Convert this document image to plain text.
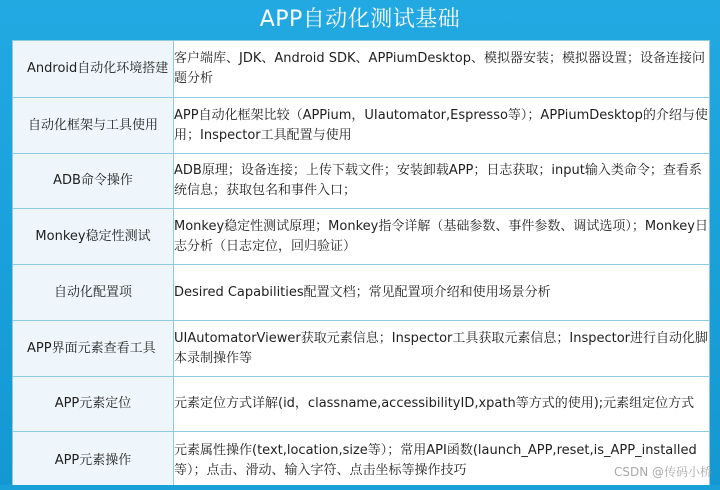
APP自动化测试基础
Android自动化环境搭建	客户端库、JDK、Android SDK、APPiumDesktop、模拟器安装；模拟器设置；设备连接问题分析
自动化框架与工具使用	APP自动化框架比较（APPium，UIautomator,Espresso等）；APPiumDesktop的介绍与使用；Inspector工具配置与使用
ADB命令操作	ADB原理；设备连接；上传下载文件；安装卸载APP；日志获取；input输入类命令；查看系统信息；获取包名和事件入口；
Monkey稳定性测试	Monkey稳定性测试原理；Monkey指令详解（基础参数、事件参数、调试选项）；Monkey日志分析（日志定位，回归验证）
自动化配置项	Desired Capabilities配置文档；常见配置项介绍和使用场景分析
APP界面元素查看工具	UIAutomatorViewer获取元素信息；Inspector工具获取元素信息；Inspector进行自动化脚本录制操作等
APP元素定位	元素定位方式详解(id，classname,accessibilityID,xpath等方式的使用);元素组定位方式
APP元素操作	元素属性操作(text,location,size等）；常用API函数(launch_APP,reset,is_APP_installed等）；点击、滑动、输入字符、点击坐标等操作技巧	CSDN @传码小桥
